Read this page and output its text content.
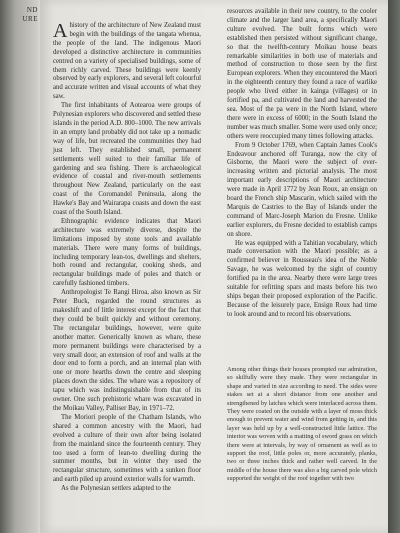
ND
URE

Ahistory of the architecture of New Zealand must begin with the buildings of the tangata whenua, the people of the land. The indigenous Maori developed a distinctive architecture in communities centred on a variety of specialised buildings, some of them richly carved. These buildings were keenly observed by early explorers, and several left colourful and accurate written and visual accounts of what they saw.

The first inhabitants of Aotearoa were groups of Polynesian explorers who discovered and settled these islands in the period A.D. 800–1000. The new arrivals in an empty land probably did not take up a nomadic way of life, but recreated the communities they had just left. They established small, permanent settlements well suited to their familiar life of gardening and sea fishing. There is archaeological evidence of coastal and river-mouth settlements throughout New Zealand, particularly on the east coast of the Coromandel Peninsula, along the Hawke's Bay and Wairarapa coasts and down the east coast of the South Island.

Ethnographic evidence indicates that Maori architecture was extremely diverse, despite the limitations imposed by stone tools and available materials. There were many forms of buildings, including temporary lean-tos, dwellings and shelters, both round and rectangular, cooking sheds, and rectangular buildings made of poles and thatch or carefully fashioned timbers.

Anthropologist Te Rangi Hiroa, also known as Sir Peter Buck, regarded the round structures as makeshift and of little interest except for the fact that they could be built quickly and without ceremony. The rectangular buildings, however, were quite another matter. Generically known as whare, these more permanent buildings were characterised by a very small door, an extension of roof and walls at the door end to form a porch, and an internal plan with one or more hearths down the centre and sleeping places down the sides. The whare was a repository of tapu which was indistinguishable from that of its owner. One such prehistoric whare was excavated in the Moikau Valley, Palliser Bay, in 1971–72.

The Moriori people of the Chatham Islands, who shared a common ancestry with the Maori, had evolved a culture of their own after being isolated from the mainland since the fourteenth century. They too used a form of lean-to dwelling during the summer months, but in winter they used the rectangular structure, sometimes with a sunken floor and earth piled up around exterior walls for warmth.

As the Polynesian settlers adapted to the

resources available in their new country, to the cooler climate and the larger land area, a specifically Maori culture evolved. The built forms which were established then persisted without significant change, so that the twelfth-century Moikau house bears remarkable similarities in both use of materials and method of construction to those seen by the first European explorers. When they encountered the Maori in the eighteenth century they found a race of warlike people who lived either in kainga (villages) or in fortified pa, and cultivated the land and harvested the sea. Most of the pa were in the North Island, where there were in excess of 6000; in the South Island the number was much smaller. Some were used only once; others were reoccupied many times following attacks.

From 9 October 1769, when Captain James Cook's Endeavour anchored off Turanga, now the city of Gisborne, the Maori were the subject of ever-increasing written and pictorial analysis. The most important early descriptions of Maori architecture were made in April 1772 by Jean Roux, an ensign on board the French ship Mascarin, which sailed with the Marquis de Castries to the Bay of Islands under the command of Marc-Joseph Marion du Fresne. Unlike earlier explorers, du Fresne decided to establish camps on shore.

He was equipped with a Tahitian vocabulary, which made conversation with the Maori possible; as a confirmed believer in Rousseau's idea of the Noble Savage, he was welcomed by the sight of country fortified pa in the area. Nearby there were large trees suitable for refitting spars and masts before his two ships began their proposed exploration of the Pacific. Because of the leisurely pace, Ensign Roux had time to look around and to record his observations.

Among other things their houses prompted our admiration, so skilfully were they made. They were rectangular in shape and varied in size according to need. The sides were stakes set at a short distance from one another and strengthened by latches which were interlaced across them. They were coated on the outside with a layer of moss thick enough to prevent water and wind from getting in, and this layer was held up by a well-constructed little lattice. The interior was woven with a matting of sword grass on which there were at intervals, by way of ornament as well as to support the roof, little poles or, more accurately, planks, two or three inches thick and rather well carved. In the middle of the house there was also a big carved pole which supported the weight of the roof together with two
